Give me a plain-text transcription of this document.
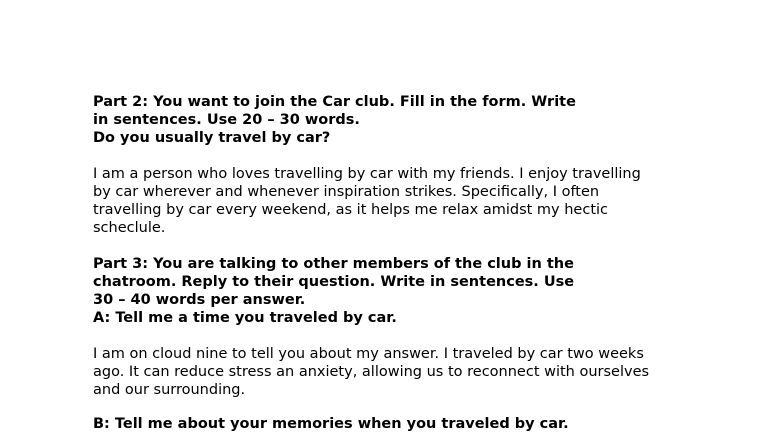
Part 2: You want to join the Car club. Fill in the form. Write

in sentences. Use 20 – 30 words.

Do you usually travel by car?

I am a person who loves travelling by car with my friends. I enjoy travelling

by car wherever and whenever inspiration strikes. Specifically, I often

travelling by car every weekend, as it helps me relax amidst my hectic

scheclule.

Part 3: You are talking to other members of the club in the

chatroom. Reply to their question. Write in sentences. Use

30 – 40 words per answer.

A: Tell me a time you traveled by car.

I am on cloud nine to tell you about my answer. I traveled by car two weeks

ago. It can reduce stress an anxiety, allowing us to reconnect with ourselves

and our surrounding.

B: Tell me about your memories when you traveled by car.
